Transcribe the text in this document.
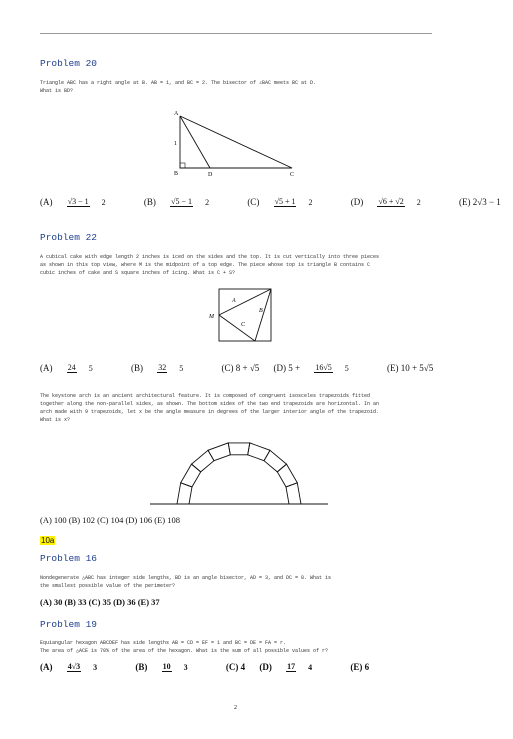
Problem 20
Triangle ABC has a right angle at B. AB = 1, and BC = 2. The bisector of ∠BAC meets BC at D.
What is BD?
A
B	D	C
1
(A) √3 − 1 2	(B) √5 − 1 2	(C) √5 + 1 2	(D) √6 + √2 2	(E) 2√3 − 1
Problem 22
A cubical cake with edge length 2 inches is iced on the sides and the top. It is cut vertically into three pieces
as shown in this top view, where M is the midpoint of a top edge. The piece whose top is triangle B contains C
cubic inches of cake and S square inches of icing. What is C + S?
A
B
C
M
(A) 24 5	(B) 32 5	(C) 8 + √5 (D) 5 + 16√5 5	(E) 10 + 5√5
The keystone arch is an ancient architectural feature. It is composed of congruent isosceles trapezoids fitted
together along the non-parallel sides, as shown. The bottom sides of the two end trapezoids are horizontal. In an
arch made with 9 trapezoids, let x be the angle measure in degrees of the larger interior angle of the trapezoid.
What is x?
(A) 100 (B) 102 (C) 104 (D) 106 (E) 108
10a
Problem 16
Nondegenerate △ABC has integer side lengths, BD is an angle bisector, AD = 3, and DC = 8. What is
the smallest possible value of the perimeter?
(A) 30 (B) 33 (C) 35 (D) 36 (E) 37
Problem 19
Equiangular hexagon ABCDEF has side lengths AB = CD = EF = 1 and BC = DE = FA = r.
The area of △ACE is 70% of the area of the hexagon. What is the sum of all possible values of r?
(A) 4√3 3	(B) 10 3	(C) 4 (D) 17 4	(E) 6
2
